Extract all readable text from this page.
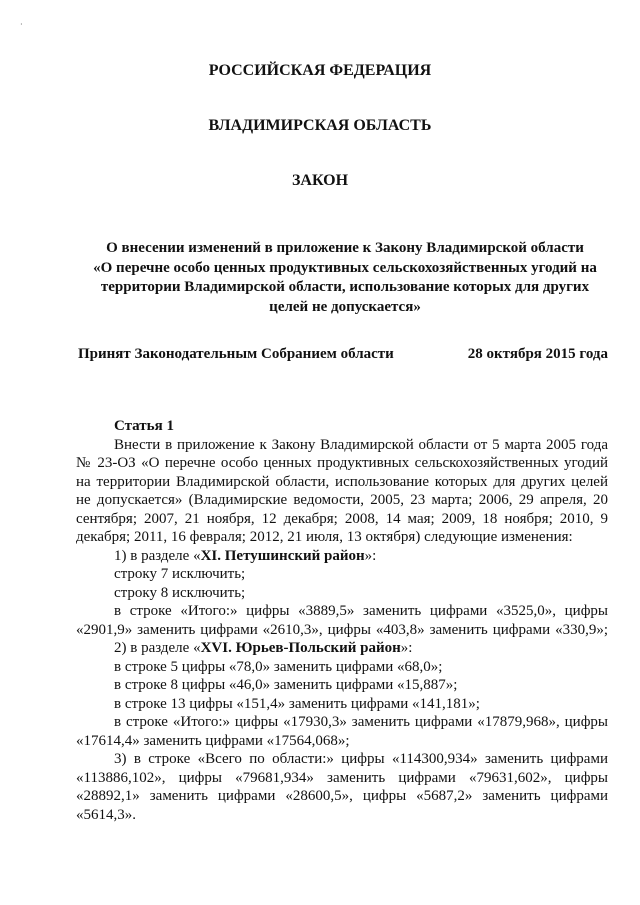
·
РОССИЙСКАЯ ФЕДЕРАЦИЯ
ВЛАДИМИРСКАЯ ОБЛАСТЬ
ЗАКОН
О внесении изменений в приложение к Закону Владимирской области
«О перечне особо ценных продуктивных сельскохозяйственных угодий на
территории Владимирской области, использование которых для других
целей не допускается»
Принят Законодательным Собранием области	28 октября 2015 года
Статья 1
Внести в приложение к Закону Владимирской области от 5 марта 2005 года
№ 23-ОЗ «О перечне особо ценных продуктивных сельскохозяйственных угодий
на территории Владимирской области, использование которых для других целей
не допускается» (Владимирские ведомости, 2005, 23 марта; 2006, 29 апреля, 20
сентября; 2007, 21 ноября, 12 декабря; 2008, 14 мая; 2009, 18 ноября; 2010, 9
декабря; 2011, 16 февраля; 2012, 21 июля, 13 октября) следующие изменения:
1) в разделе «XI. Петушинский район»:
строку 7 исключить;
строку 8 исключить;
в строке «Итого:» цифры «3889,5» заменить цифрами «3525,0», цифры
«2901,9» заменить цифрами «2610,3», цифры «403,8» заменить цифрами «330,9»;
2) в разделе «XVI. Юрьев-Польский район»:
в строке 5 цифры «78,0» заменить цифрами «68,0»;
в строке 8 цифры «46,0» заменить цифрами «15,887»;
в строке 13 цифры «151,4» заменить цифрами «141,181»;
в строке «Итого:» цифры «17930,3» заменить цифрами «17879,968», цифры
«17614,4» заменить цифрами «17564,068»;
3) в строке «Всего по области:» цифры «114300,934» заменить цифрами
«113886,102», цифры «79681,934» заменить цифрами «79631,602», цифры
«28892,1» заменить цифрами «28600,5», цифры «5687,2» заменить цифрами
«5614,3».
